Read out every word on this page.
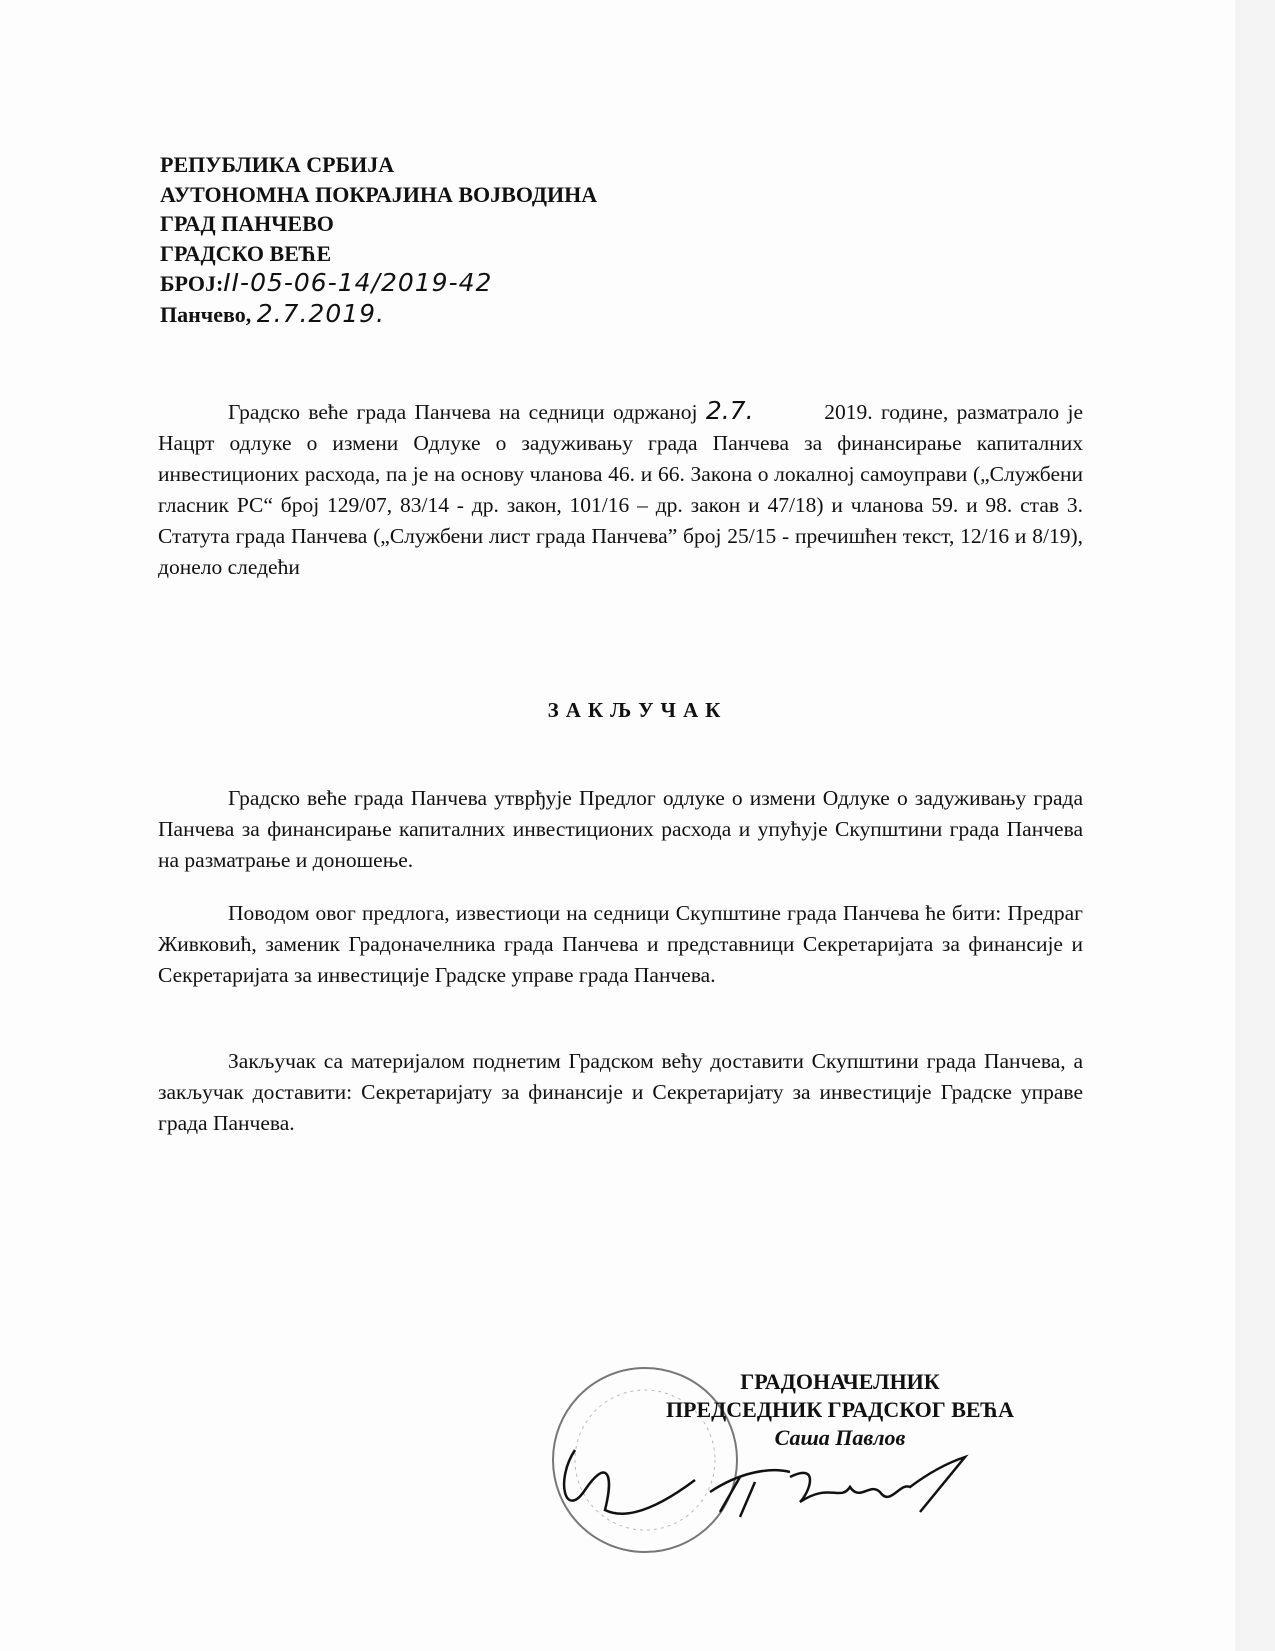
РЕПУБЛИКА СРБИЈА
АУТОНОМНА ПОКРАЈИНА ВОЈВОДИНА
ГРАД ПАНЧЕВО
ГРАДСКО ВЕЋЕ
БРОЈ:II-05-06-14/2019-42
Панчево, 2.7.2019.
Градско веће града Панчева на седници одржаној 2.7.	2019. године, разматрало је Нацрт одлуке о измени Одлуке о задуживању града Панчева за финансирање капиталних инвестиционих расхода, па је на основу чланова 46. и 66. Закона о локалној самоуправи („Службени гласник РС“ број 129/07, 83/14 - др. закон, 101/16 – др. закон и 47/18) и чланова 59. и 98. став 3. Статута града Панчева („Службени лист града Панчева” број 25/15 - пречишћен текст, 12/16 и 8/19), донело следећи
ЗАКЉУЧАК
Градско веће града Панчева утврђује Предлог одлуке о измени Одлуке о задуживању града Панчева за финансирање капиталних инвестиционих расхода и упућује Скупштини града Панчева на разматрање и доношење.
Поводом овог предлога, известиоци на седници Скупштине града Панчева ће бити: Предраг Живковић, заменик Градоначелника града Панчева и представници Секретаријата за финансије и Секретаријата за инвестиције Градске управе града Панчева.
Закључак са материјалом поднетим Градском већу доставити Скупштини града Панчева, а закључак доставити: Секретаријату за финансије и Секретаријату за инвестиције Градске управе града Панчева.
ГРАДОНАЧЕЛНИК
ПРЕДСЕДНИК ГРАДСКОГ ВЕЋА
Саша Павлов
